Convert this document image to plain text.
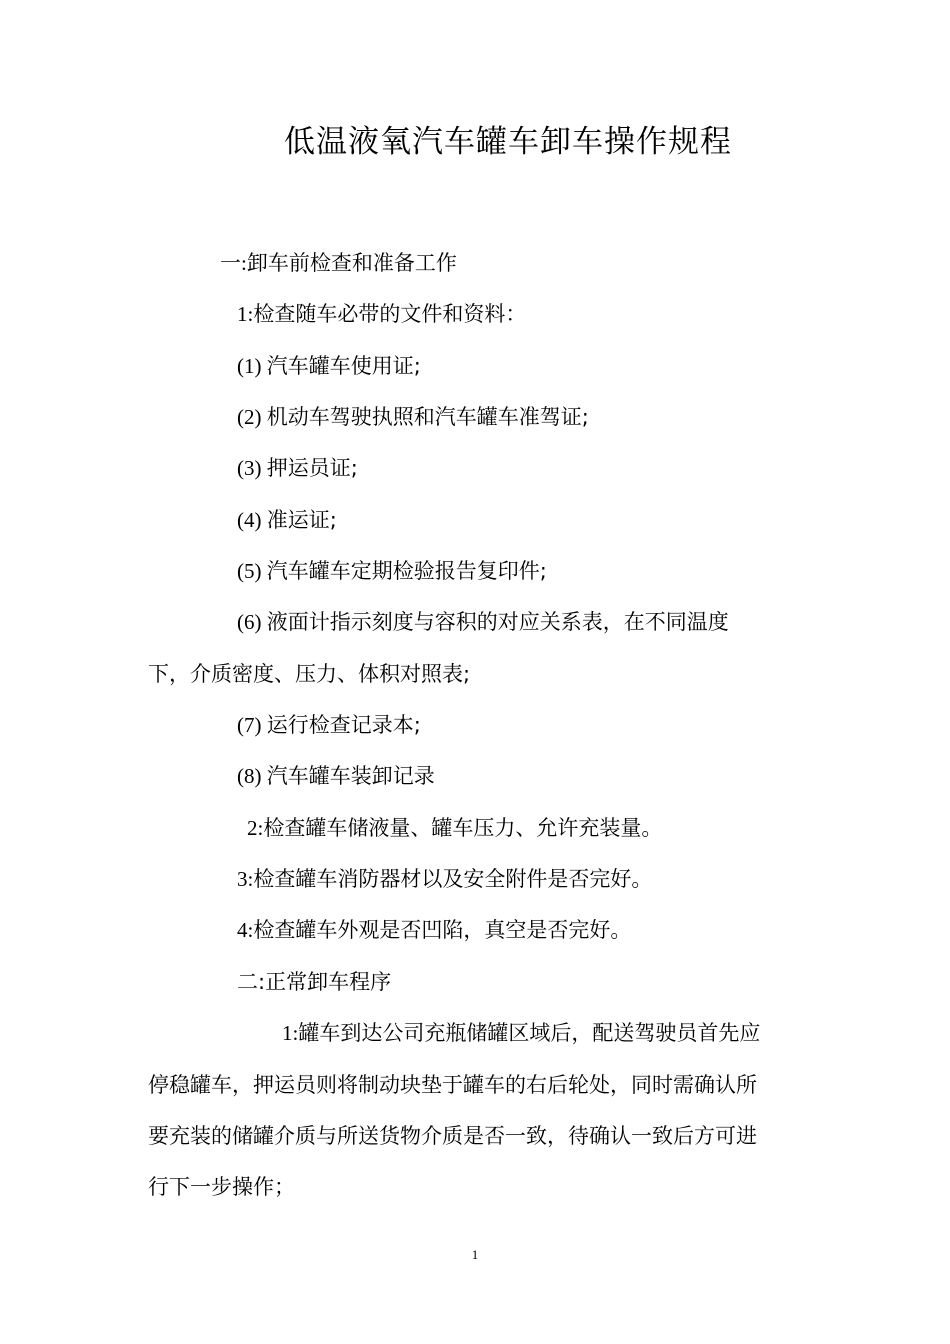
低温液氧汽车罐车卸车操作规程
一:卸车前检查和准备工作
1:检查随车必带的文件和资料：
(1) 汽车罐车使用证;
(2) 机动车驾驶执照和汽车罐车准驾证;
(3) 押运员证;
(4) 准运证;
(5) 汽车罐车定期检验报告复印件;
(6) 液面计指示刻度与容积的对应关系表，在不同温度
下，介质密度、压力、体积对照表;
(7) 运行检查记录本;
(8) 汽车罐车装卸记录
2:检查罐车储液量、罐车压力、允许充装量。
3:检查罐车消防器材以及安全附件是否完好。
4:检查罐车外观是否凹陷，真空是否完好。
二:正常卸车程序
1:罐车到达公司充瓶储罐区域后，配送驾驶员首先应
停稳罐车，押运员则将制动块垫于罐车的右后轮处，同时需确认所
要充装的储罐介质与所送货物介质是否一致，待确认一致后方可进
行下一步操作；
1
